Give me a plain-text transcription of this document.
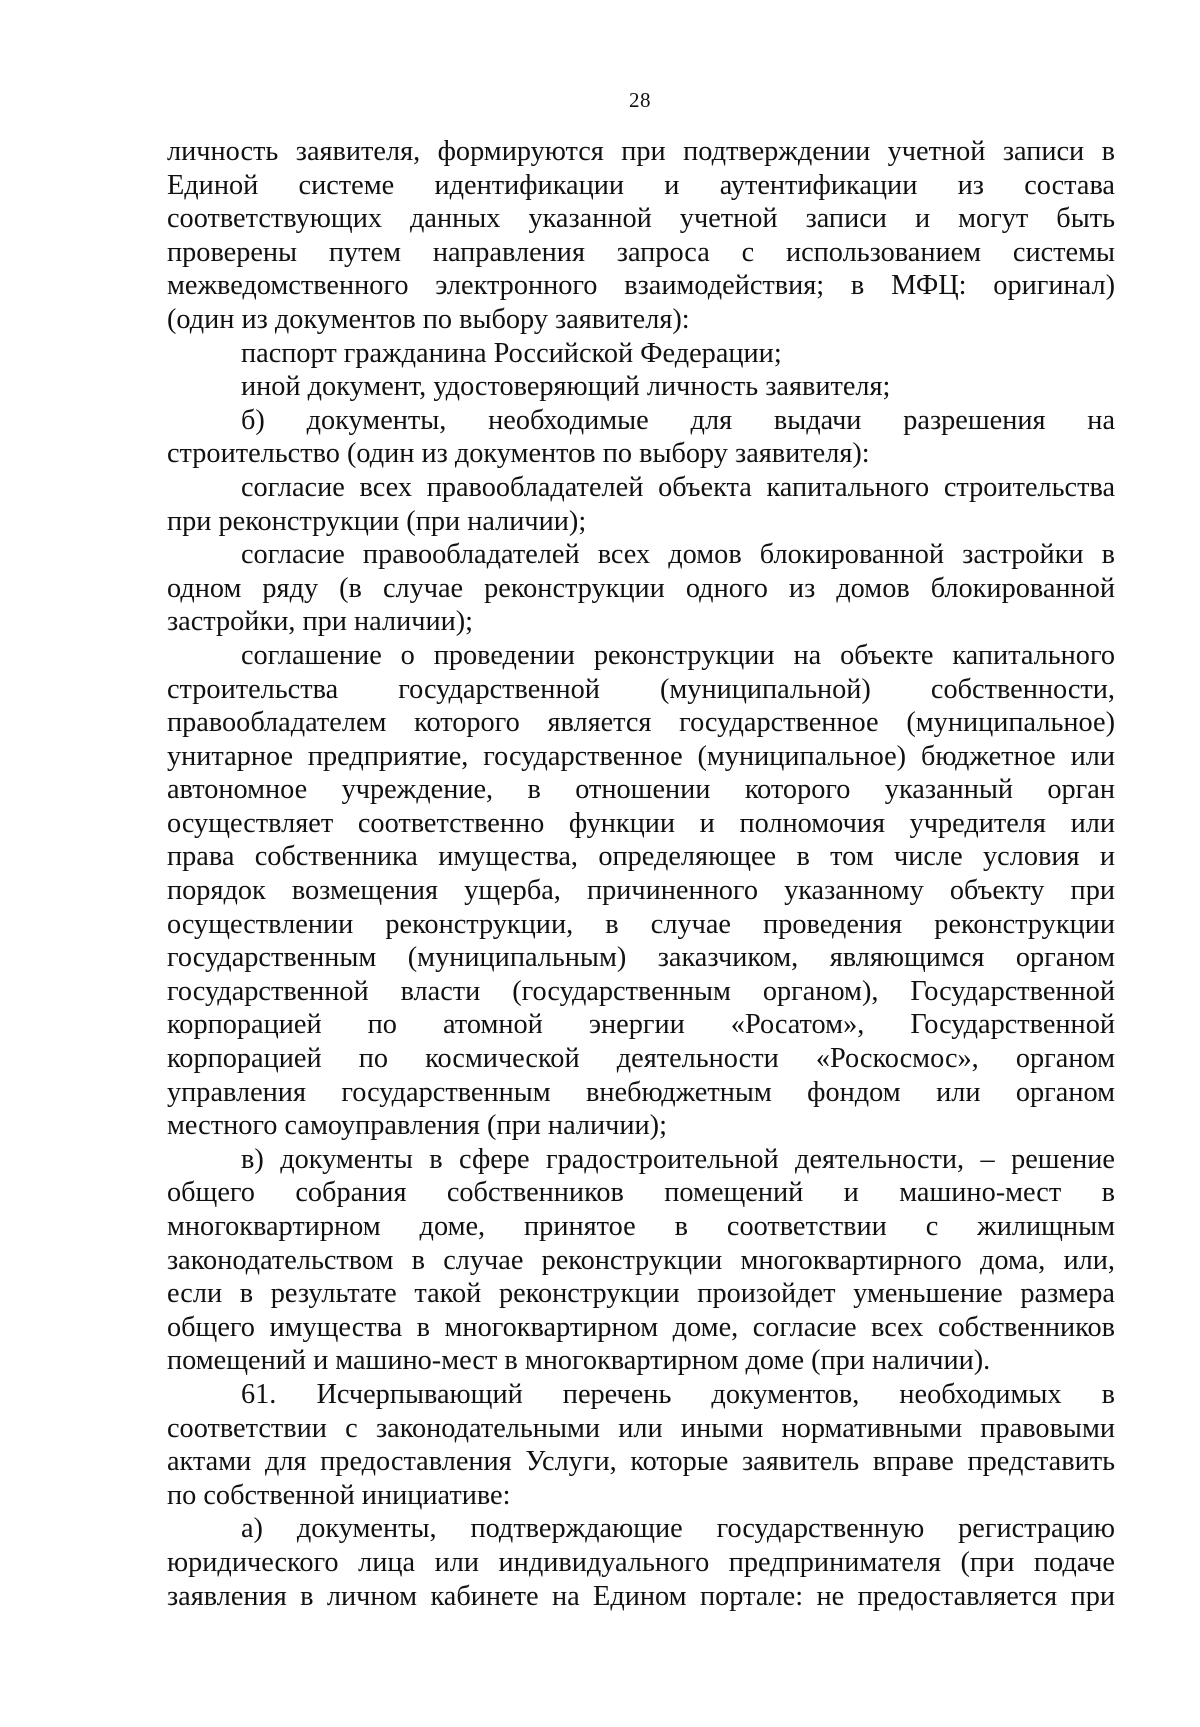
28
личность заявителя, формируются при подтверждении учетной записи в
Единой системе идентификации и аутентификации из состава
соответствующих данных указанной учетной записи и могут быть
проверены путем направления запроса с использованием системы
межведомственного электронного взаимодействия; в МФЦ: оригинал)
(один из документов по выбору заявителя):
паспорт гражданина Российской Федерации;
иной документ, удостоверяющий личность заявителя;
б) документы, необходимые для выдачи разрешения на
строительство (один из документов по выбору заявителя):
согласие всех правообладателей объекта капитального строительства
при реконструкции (при наличии);
согласие правообладателей всех домов блокированной застройки в
одном ряду (в случае реконструкции одного из домов блокированной
застройки, при наличии);
соглашение о проведении реконструкции на объекте капитального
строительства государственной (муниципальной) собственности,
правообладателем которого является государственное (муниципальное)
унитарное предприятие, государственное (муниципальное) бюджетное или
автономное учреждение, в отношении которого указанный орган
осуществляет соответственно функции и полномочия учредителя или
права собственника имущества, определяющее в том числе условия и
порядок возмещения ущерба, причиненного указанному объекту при
осуществлении реконструкции, в случае проведения реконструкции
государственным (муниципальным) заказчиком, являющимся органом
государственной власти (государственным органом), Государственной
корпорацией по атомной энергии «Росатом», Государственной
корпорацией по космической деятельности «Роскосмос», органом
управления государственным внебюджетным фондом или органом
местного самоуправления (при наличии);
в) документы в сфере градостроительной деятельности, – решение
общего собрания собственников помещений и машино-мест в
многоквартирном доме, принятое в соответствии с жилищным
законодательством в случае реконструкции многоквартирного дома, или,
если в результате такой реконструкции произойдет уменьшение размера
общего имущества в многоквартирном доме, согласие всех собственников
помещений и машино-мест в многоквартирном доме (при наличии).
61. Исчерпывающий перечень документов, необходимых в
соответствии с законодательными или иными нормативными правовыми
актами для предоставления Услуги, которые заявитель вправе представить
по собственной инициативе:
а) документы, подтверждающие государственную регистрацию
юридического лица или индивидуального предпринимателя (при подаче
заявления в личном кабинете на Едином портале: не предоставляется при
